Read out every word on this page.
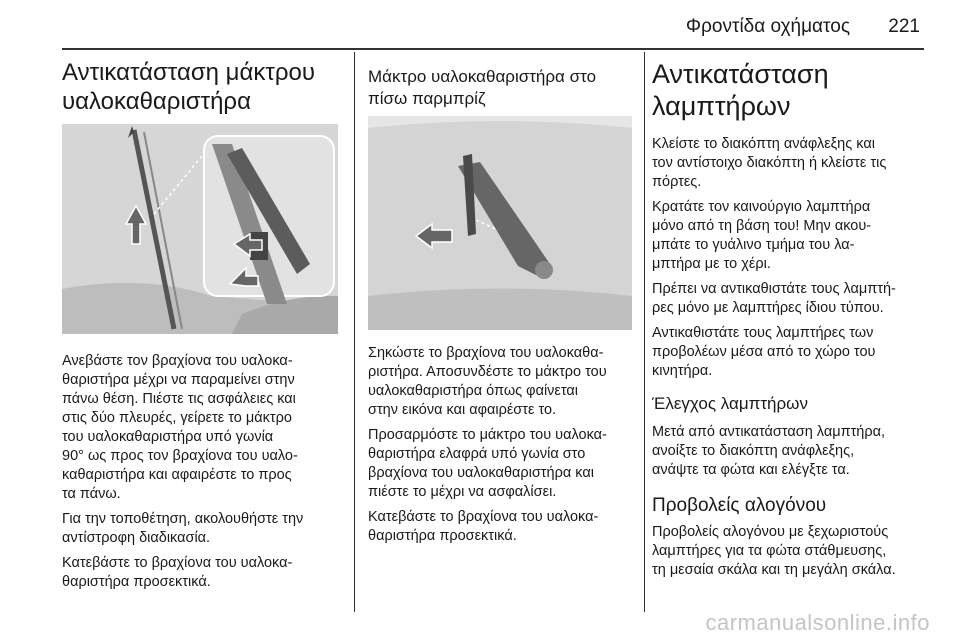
Φροντίδα οχήματος 221
Αντικατάσταση μάκτρου
υαλοκαθαριστήρα

Ανεβάστε τον βραχίονα του υαλοκα-
θαριστήρα μέχρι να παραμείνει στην
πάνω θέση. Πιέστε τις ασφάλειες και
στις δύο πλευρές, γείρετε το μάκτρο
του υαλοκαθαριστήρα υπό γωνία
90° ως προς τον βραχίονα του υαλο-
καθαριστήρα και αφαιρέστε το προς
τα πάνω.

Για την τοποθέτηση, ακολουθήστε την
αντίστροφη διαδικασία.

Κατεβάστε το βραχίονα του υαλοκα-
θαριστήρα προσεκτικά.

Μάκτρο υαλοκαθαριστήρα στο
πίσω παρμπρίζ

Σηκώστε το βραχίονα του υαλοκαθα-
ριστήρα. Αποσυνδέστε το μάκτρο του
υαλοκαθαριστήρα όπως φαίνεται
στην εικόνα και αφαιρέστε το.

Προσαρμόστε το μάκτρο του υαλοκα-
θαριστήρα ελαφρά υπό γωνία στο
βραχίονα του υαλοκαθαριστήρα και
πιέστε το μέχρι να ασφαλίσει.

Κατεβάστε το βραχίονα του υαλοκα-
θαριστήρα προσεκτικά.

Αντικατάσταση
λαμπτήρων

Κλείστε το διακόπτη ανάφλεξης και
τον αντίστοιχο διακόπτη ή κλείστε τις
πόρτες.

Κρατάτε τον καινούργιο λαμπτήρα
μόνο από τη βάση του! Μην ακου-
μπάτε το γυάλινο τμήμα του λα-
μπτήρα με το χέρι.

Πρέπει να αντικαθιστάτε τους λαμπτή-
ρες μόνο με λαμπτήρες ίδιου τύπου.

Αντικαθιστάτε τους λαμπτήρες των
προβολέων μέσα από το χώρο του
κινητήρα.

Έλεγχος λαμπτήρων

Μετά από αντικατάσταση λαμπτήρα,
ανοίξτε το διακόπτη ανάφλεξης,
ανάψτε τα φώτα και ελέγξτε τα.

Προβολείς αλογόνου

Προβολείς αλογόνου με ξεχωριστούς
λαμπτήρες για τα φώτα στάθμευσης,
τη μεσαία σκάλα και τη μεγάλη σκάλα.

carmanualsonline.info
